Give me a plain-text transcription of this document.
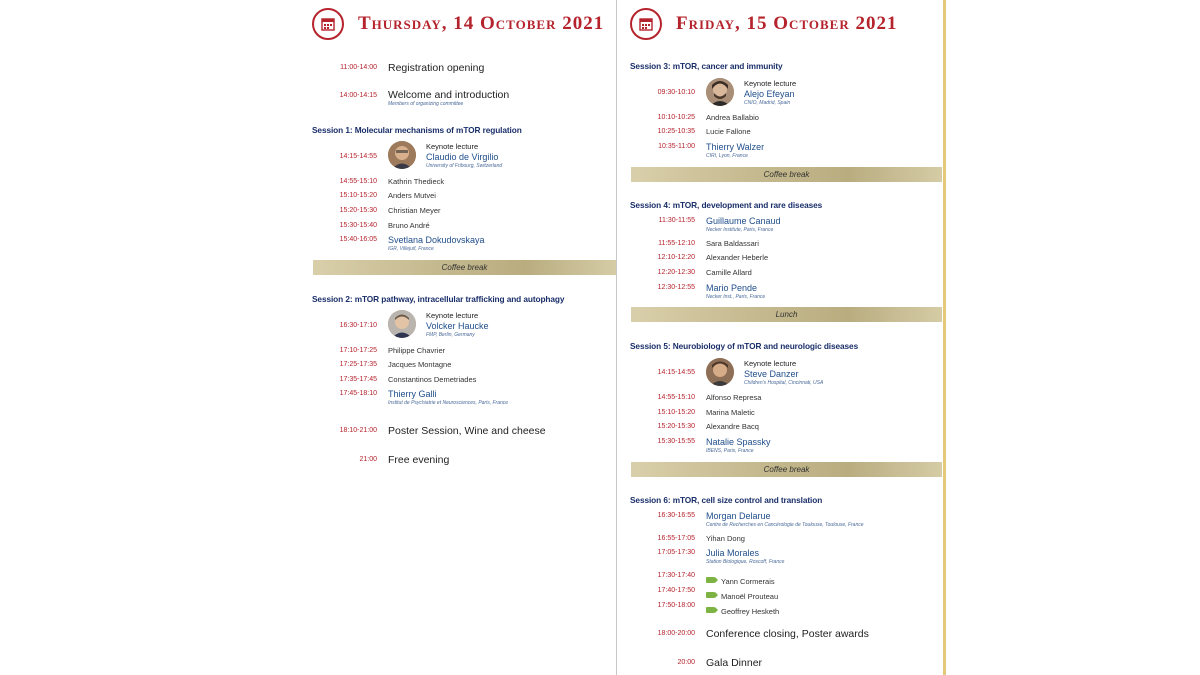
Thursday, 14 October 2021
11:00-14:00 Registration opening
14:00-14:15 Welcome and introduction
Members of organizing committee
Session 1: Molecular mechanisms of mTOR regulation
14:15-14:55
Keynote lecture
Claudio de Virgilio
University of Fribourg, Switzerland
14:55-15:10 Kathrin Thedieck
15:10-15:20 Anders Mutvei
15:20-15:30 Christian Meyer
15:30-15:40 Bruno André
15:40-16:05 Svetlana Dokudovskaya
IGR, Villejuif, France
Coffee break
Session 2: mTOR pathway, intracellular trafficking and autophagy
16:30-17:10
Keynote lecture
Volcker Haucke
FMP, Berlin, Germany
17:10-17:25 Philippe Chavrier
17:25-17:35 Jacques Montagne
17:35-17:45 Constantinos Demetriades
17:45-18:10 Thierry Galli
Institut de Psychiatrie et Neurosciences, Paris, France
18:10-21:00 Poster Session, Wine and cheese
21:00 Free evening
Friday, 15 October 2021
Session 3: mTOR, cancer and immunity
09:30-10:10
Keynote lecture
Alejo Efeyan
CNIO, Madrid, Spain
10:10-10:25 Andrea Ballabio
10:25-10:35 Lucie Fallone
10:35-11:00 Thierry Walzer
CIRI, Lyon, France
Coffee break
Session 4: mTOR, development and rare diseases
11:30-11:55 Guillaume Canaud
Necker Institute, Paris, France
11:55-12:10 Sara Baldassari
12:10-12:20 Alexander Heberle
12:20-12:30 Camille Allard
12:30-12:55 Mario Pende
Necker Inst., Paris, France
Lunch
Session 5: Neurobiology of mTOR and neurologic diseases
14:15-14:55
Keynote lecture
Steve Danzer
Children's Hospital, Cincinnati, USA
14:55-15:10 Alfonso Represa
15:10-15:20 Marina Maletic
15:20-15:30 Alexandre Bacq
15:30-15:55 Natalie Spassky
IBENS, Paris, France
Coffee break
Session 6: mTOR, cell size control and translation
16:30-16:55 Morgan Delarue
Centre de Recherches en Cancérologie de Toulouse, Toulouse, France
16:55-17:05 Yihan Dong
17:05-17:30 Julia Morales
Station Biologique, Roscoff, France
17:30-17:40
Yann Cormerais
17:40-17:50
Manoël Prouteau
17:50-18:00
Geoffrey Hesketh
18:00-20:00 Conference closing, Poster awards
20:00 Gala Dinner
